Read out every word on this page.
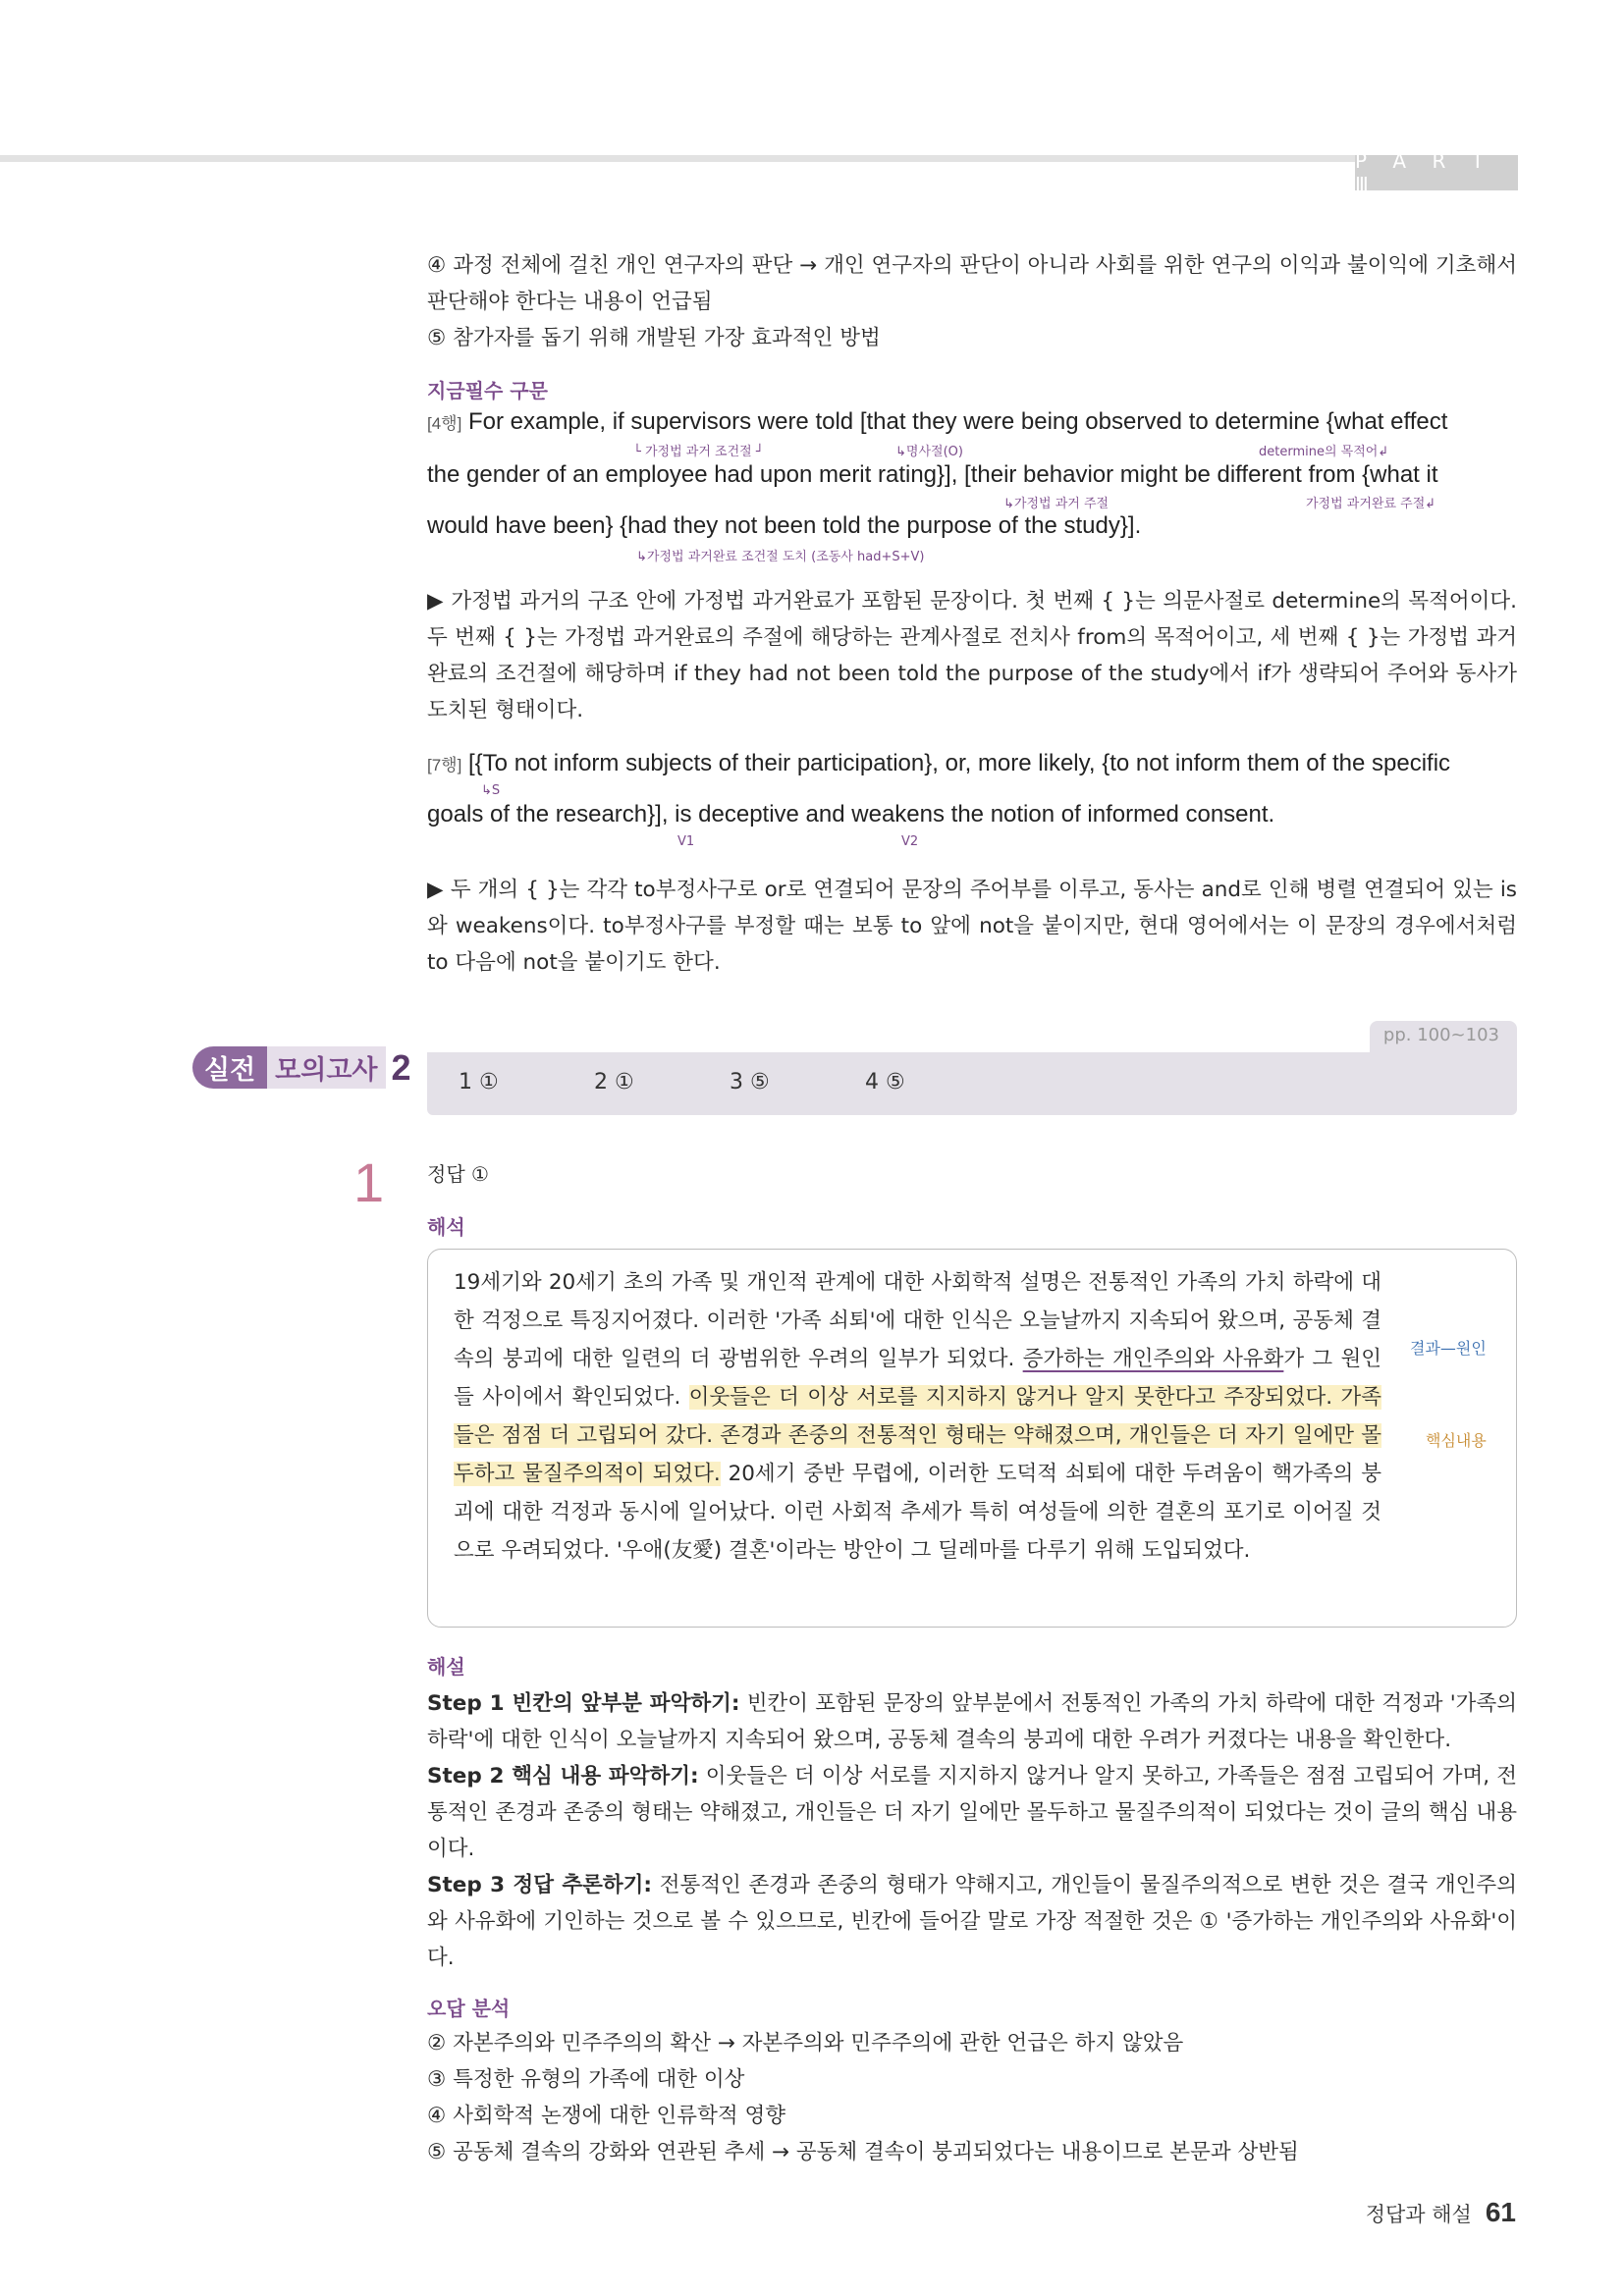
P A R T Ⅲ

④ 과정 전체에 걸친 개인 연구자의 판단 → 개인 연구자의 판단이 아니라 사회를 위한 연구의 이익과 불이익에 기초해서 판단해야 한다는 내용이 언급됨

⑤ 참가자를 돕기 위해 개발된 가장 효과적인 방법

지금필수 구문

[4행] For example, if supervisors were told [that they were being observed to determine {what effect
└ 가정법 과거 조건절 ┘	↳명사절(O)	determine의 목적어↲
the gender of an employee had upon merit rating}], [their behavior might be different from {what it
↳가정법 과거 주절	가정법 과거완료 주절↲
would have been} {had they not been told the purpose of the study}].
↳가정법 과거완료 조건절 도치 (조동사 had+S+V)

▶ 가정법 과거의 구조 안에 가정법 과거완료가 포함된 문장이다. 첫 번째 { }는 의문사절로 determine의 목적어이다. 두 번째 { }는 가정법 과거완료의 주절에 해당하는 관계사절로 전치사 from의 목적어이고, 세 번째 { }는 가정법 과거완료의 조건절에 해당하며 if they had not been told the purpose of the study에서 if가 생략되어 주어와 동사가 도치된 형태이다.

[7행] [{To not inform subjects of their participation}, or, more likely, {to not inform them of the specific
↳S
goals of the research}], is deceptive and weakens the notion of informed consent.
V1	V2

▶ 두 개의 { }는 각각 to부정사구로 or로 연결되어 문장의 주어부를 이루고, 동사는 and로 인해 병렬 연결되어 있는 is와 weakens이다. to부정사구를 부정할 때는 보통 to 앞에 not을 붙이지만, 현대 영어에서는 이 문장의 경우에서처럼 to 다음에 not을 붙이기도 한다.

실전 모의고사 2
pp. 100~103
1 ①	2 ①	3 ⑤	4 ⑤
1 정답 ①

해석

19세기와 20세기 초의 가족 및 개인적 관계에 대한 사회학적 설명은 전통적인 가족의 가치 하락에 대한 걱정으로 특징지어졌다. 이러한 '가족 쇠퇴'에 대한 인식은 오늘날까지 지속되어 왔으며, 공동체 결속의 붕괴에 대한 일련의 더 광범위한 우려의 일부가 되었다. 증가하는 개인주의와 사유화가 그 원인들 사이에서 확인되었다. 이웃들은 더 이상 서로를 지지하지 않거나 알지 못한다고 주장되었다. 가족들은 점점 더 고립되어 갔다. 존경과 존중의 전통적인 형태는 약해졌으며, 개인들은 더 자기 일에만 몰두하고 물질주의적이 되었다. 20세기 중반 무렵에, 이러한 도덕적 쇠퇴에 대한 두려움이 핵가족의 붕괴에 대한 걱정과 동시에 일어났다. 이런 사회적 추세가 특히 여성들에 의한 결혼의 포기로 이어질 것으로 우려되었다. '우애(友愛) 결혼'이라는 방안이 그 딜레마를 다루기 위해 도입되었다.

결과—원인
핵심내용

해설

Step 1 빈칸의 앞부분 파악하기: 빈칸이 포함된 문장의 앞부분에서 전통적인 가족의 가치 하락에 대한 걱정과 '가족의 하락'에 대한 인식이 오늘날까지 지속되어 왔으며, 공동체 결속의 붕괴에 대한 우려가 커졌다는 내용을 확인한다.

Step 2 핵심 내용 파악하기: 이웃들은 더 이상 서로를 지지하지 않거나 알지 못하고, 가족들은 점점 고립되어 가며, 전통적인 존경과 존중의 형태는 약해졌고, 개인들은 더 자기 일에만 몰두하고 물질주의적이 되었다는 것이 글의 핵심 내용이다.

Step 3 정답 추론하기: 전통적인 존경과 존중의 형태가 약해지고, 개인들이 물질주의적으로 변한 것은 결국 개인주의와 사유화에 기인하는 것으로 볼 수 있으므로, 빈칸에 들어갈 말로 가장 적절한 것은 ① '증가하는 개인주의와 사유화'이다.

오답 분석

② 자본주의와 민주주의의 확산 → 자본주의와 민주주의에 관한 언급은 하지 않았음

③ 특정한 유형의 가족에 대한 이상

④ 사회학적 논쟁에 대한 인류학적 영향

⑤ 공동체 결속의 강화와 연관된 추세 → 공동체 결속이 붕괴되었다는 내용이므로 본문과 상반됨

정답과 해설 61
